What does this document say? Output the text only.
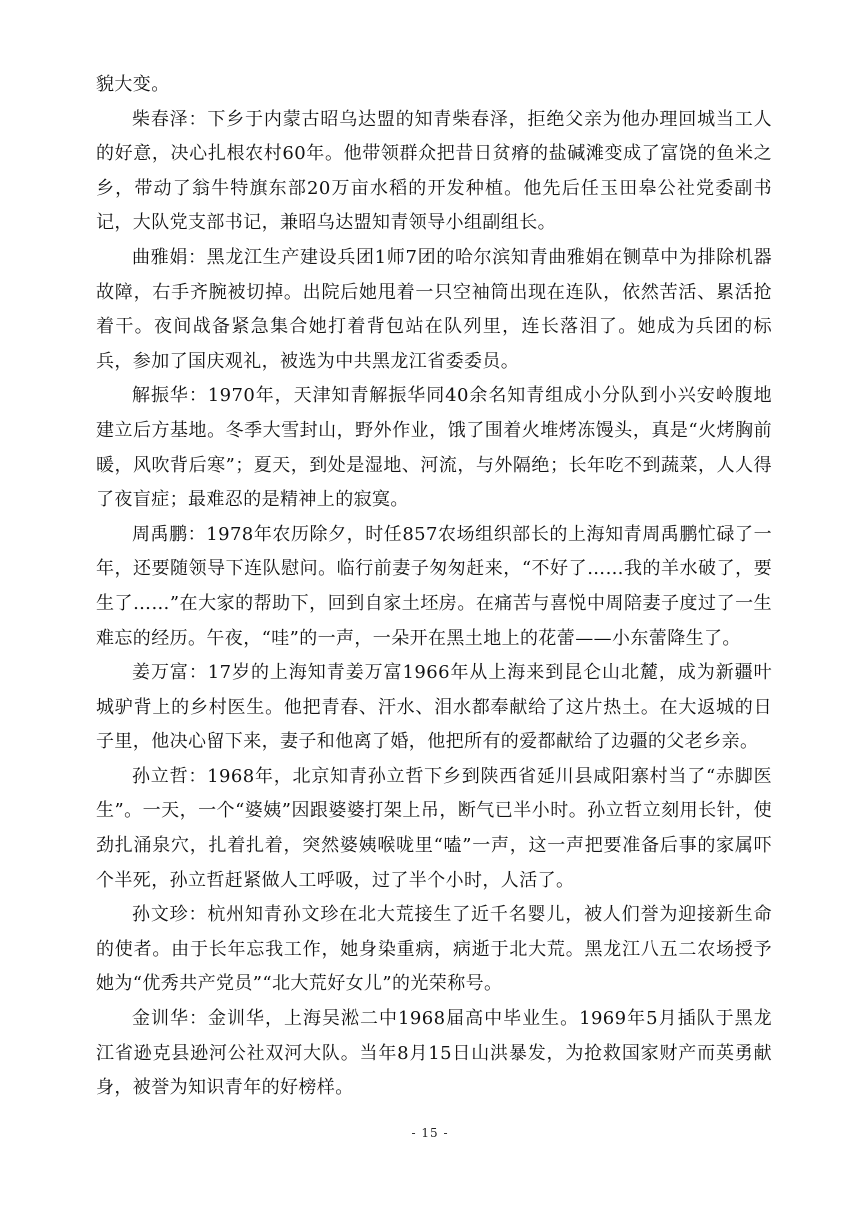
貌大变。

柴春泽：下乡于内蒙古昭乌达盟的知青柴春泽，拒绝父亲为他办理回城当工人的好意，决心扎根农村60年。他带领群众把昔日贫瘠的盐碱滩变成了富饶的鱼米之乡，带动了翁牛特旗东部20万亩水稻的开发种植。他先后任玉田皋公社党委副书记，大队党支部书记，兼昭乌达盟知青领导小组副组长。

曲雅娟：黑龙江生产建设兵团1师7团的哈尔滨知青曲雅娟在铡草中为排除机器故障，右手齐腕被切掉。出院后她甩着一只空袖筒出现在连队，依然苦活、累活抢着干。夜间战备紧急集合她打着背包站在队列里，连长落泪了。她成为兵团的标兵，参加了国庆观礼，被选为中共黑龙江省委委员。

解振华：1970年，天津知青解振华同40余名知青组成小分队到小兴安岭腹地建立后方基地。冬季大雪封山，野外作业，饿了围着火堆烤冻馒头，真是“火烤胸前暖，风吹背后寒”；夏天，到处是湿地、河流，与外隔绝；长年吃不到蔬菜，人人得了夜盲症；最难忍的是精神上的寂寞。

周禹鹏：1978年农历除夕，时任857农场组织部长的上海知青周禹鹏忙碌了一年，还要随领导下连队慰问。临行前妻子匆匆赶来，“不好了……我的羊水破了，要生了……”在大家的帮助下，回到自家土坯房。在痛苦与喜悦中周陪妻子度过了一生难忘的经历。午夜，“哇”的一声，一朵开在黑土地上的花蕾——小东蕾降生了。

姜万富：17岁的上海知青姜万富1966年从上海来到昆仑山北麓，成为新疆叶城驴背上的乡村医生。他把青春、汗水、泪水都奉献给了这片热土。在大返城的日子里，他决心留下来，妻子和他离了婚，他把所有的爱都献给了边疆的父老乡亲。

孙立哲：1968年，北京知青孙立哲下乡到陕西省延川县咸阳寨村当了“赤脚医生”。一天，一个“婆姨”因跟婆婆打架上吊，断气已半小时。孙立哲立刻用长针，使劲扎涌泉穴，扎着扎着，突然婆姨喉咙里“嗑”一声，这一声把要准备后事的家属吓个半死，孙立哲赶紧做人工呼吸，过了半个小时，人活了。

孙文珍：杭州知青孙文珍在北大荒接生了近千名婴儿，被人们誉为迎接新生命的使者。由于长年忘我工作，她身染重病，病逝于北大荒。黑龙江八五二农场授予她为“优秀共产党员”“北大荒好女儿”的光荣称号。

金训华：金训华，上海吴淞二中1968届高中毕业生。1969年5月插队于黑龙江省逊克县逊河公社双河大队。当年8月15日山洪暴发，为抢救国家财产而英勇献身，被誉为知识青年的好榜样。

- 15 -
